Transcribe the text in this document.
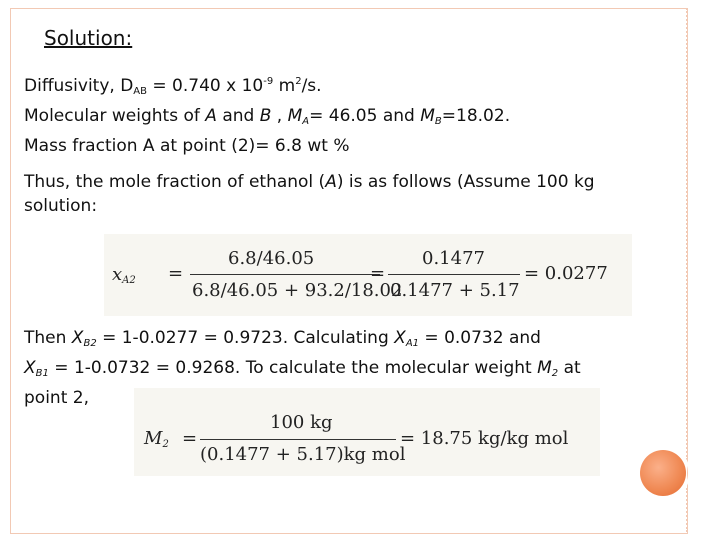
Solution:
Diffusivity, $D_{AB} = 0.740$ x $10^{-9}$ $m^2/s$.
Molecular weights of A and B , $M_A= 46.05$ and $M_B=18.02$.
Mass fraction A at point (2)= 6.8 wt %
Thus, the mole fraction of ethanol (A) is as follows (Assume 100 kg
solution:
$x_{A2}$ =
6.8/46.05
6.8/46.05 + 93.2/18.02
=
0.1477
0.1477 + 5.17
= 0.0277
Then $X_{B2} = 1-0.0277 = 0.9723$. Calculating $X_{A1} = 0.0732$ and
$X_{B1} = 1-0.0732 = 0.9268$. To calculate the molecular weight $M_2$ at
point 2,
$M_2$ =
100 kg
(0.1477 + 5.17)kg mol
= 18.75 kg/kg mol
